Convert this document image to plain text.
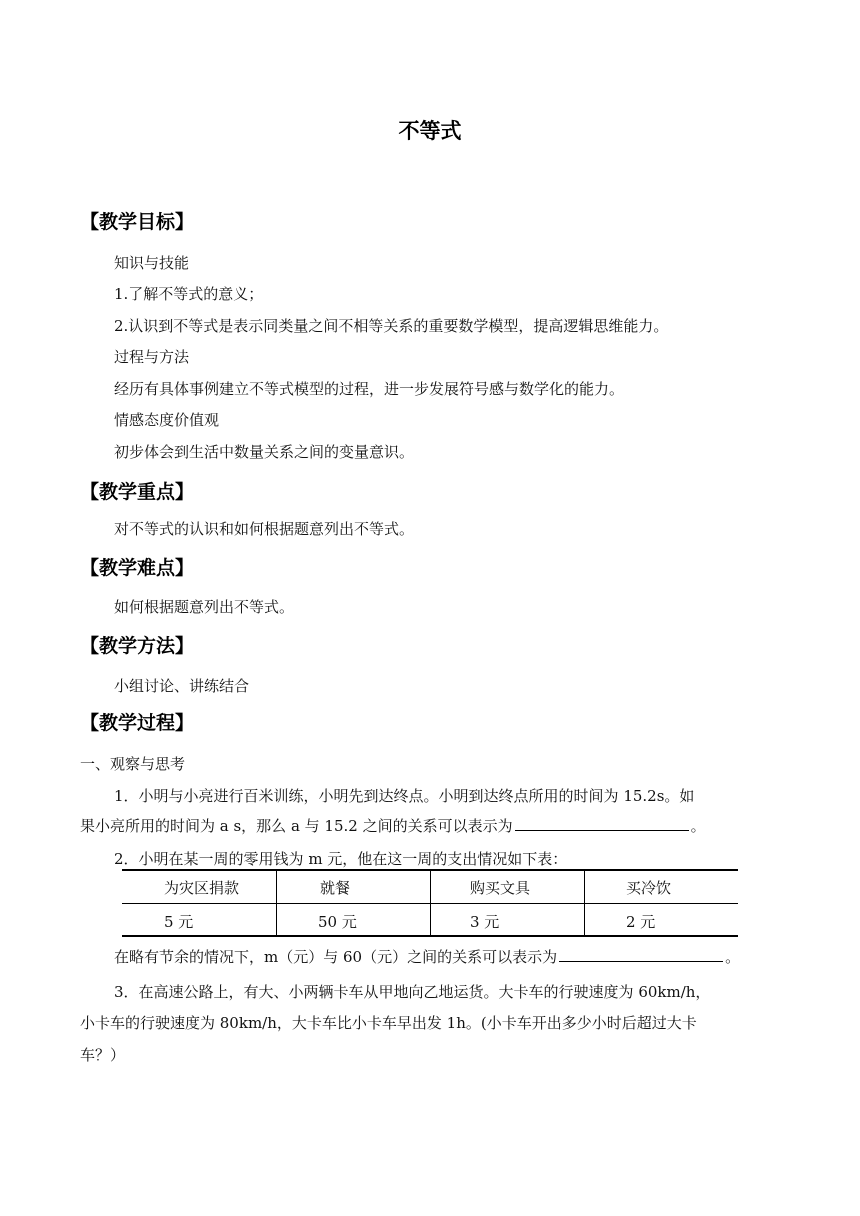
不等式
【教学目标】
知识与技能
1.了解不等式的意义；
2.认识到不等式是表示同类量之间不相等关系的重要数学模型，提高逻辑思维能力。
过程与方法
经历有具体事例建立不等式模型的过程，进一步发展符号感与数学化的能力。
情感态度价值观
初步体会到生活中数量关系之间的变量意识。
【教学重点】
对不等式的认识和如何根据题意列出不等式。
【教学难点】
如何根据题意列出不等式。
【教学方法】
小组讨论、讲练结合
【教学过程】
一、观察与思考
1．小明与小亮进行百米训练，小明先到达终点。小明到达终点所用的时间为 15.2s。如
果小亮所用的时间为 a s，那么 a 与 15.2 之间的关系可以表示为	。
2．小明在某一周的零用钱为 m 元，他在这一周的支出情况如下表：
为灾区捐款	就餐	购买文具	买冷饮
5 元	50 元	3 元	2 元
在略有节余的情况下，m（元）与 60（元）之间的关系可以表示为	。
3．在高速公路上，有大、小两辆卡车从甲地向乙地运货。大卡车的行驶速度为 60km/h，
小卡车的行驶速度为 80km/h，大卡车比小卡车早出发 1h。(小卡车开出多少小时后超过大卡
车？）
